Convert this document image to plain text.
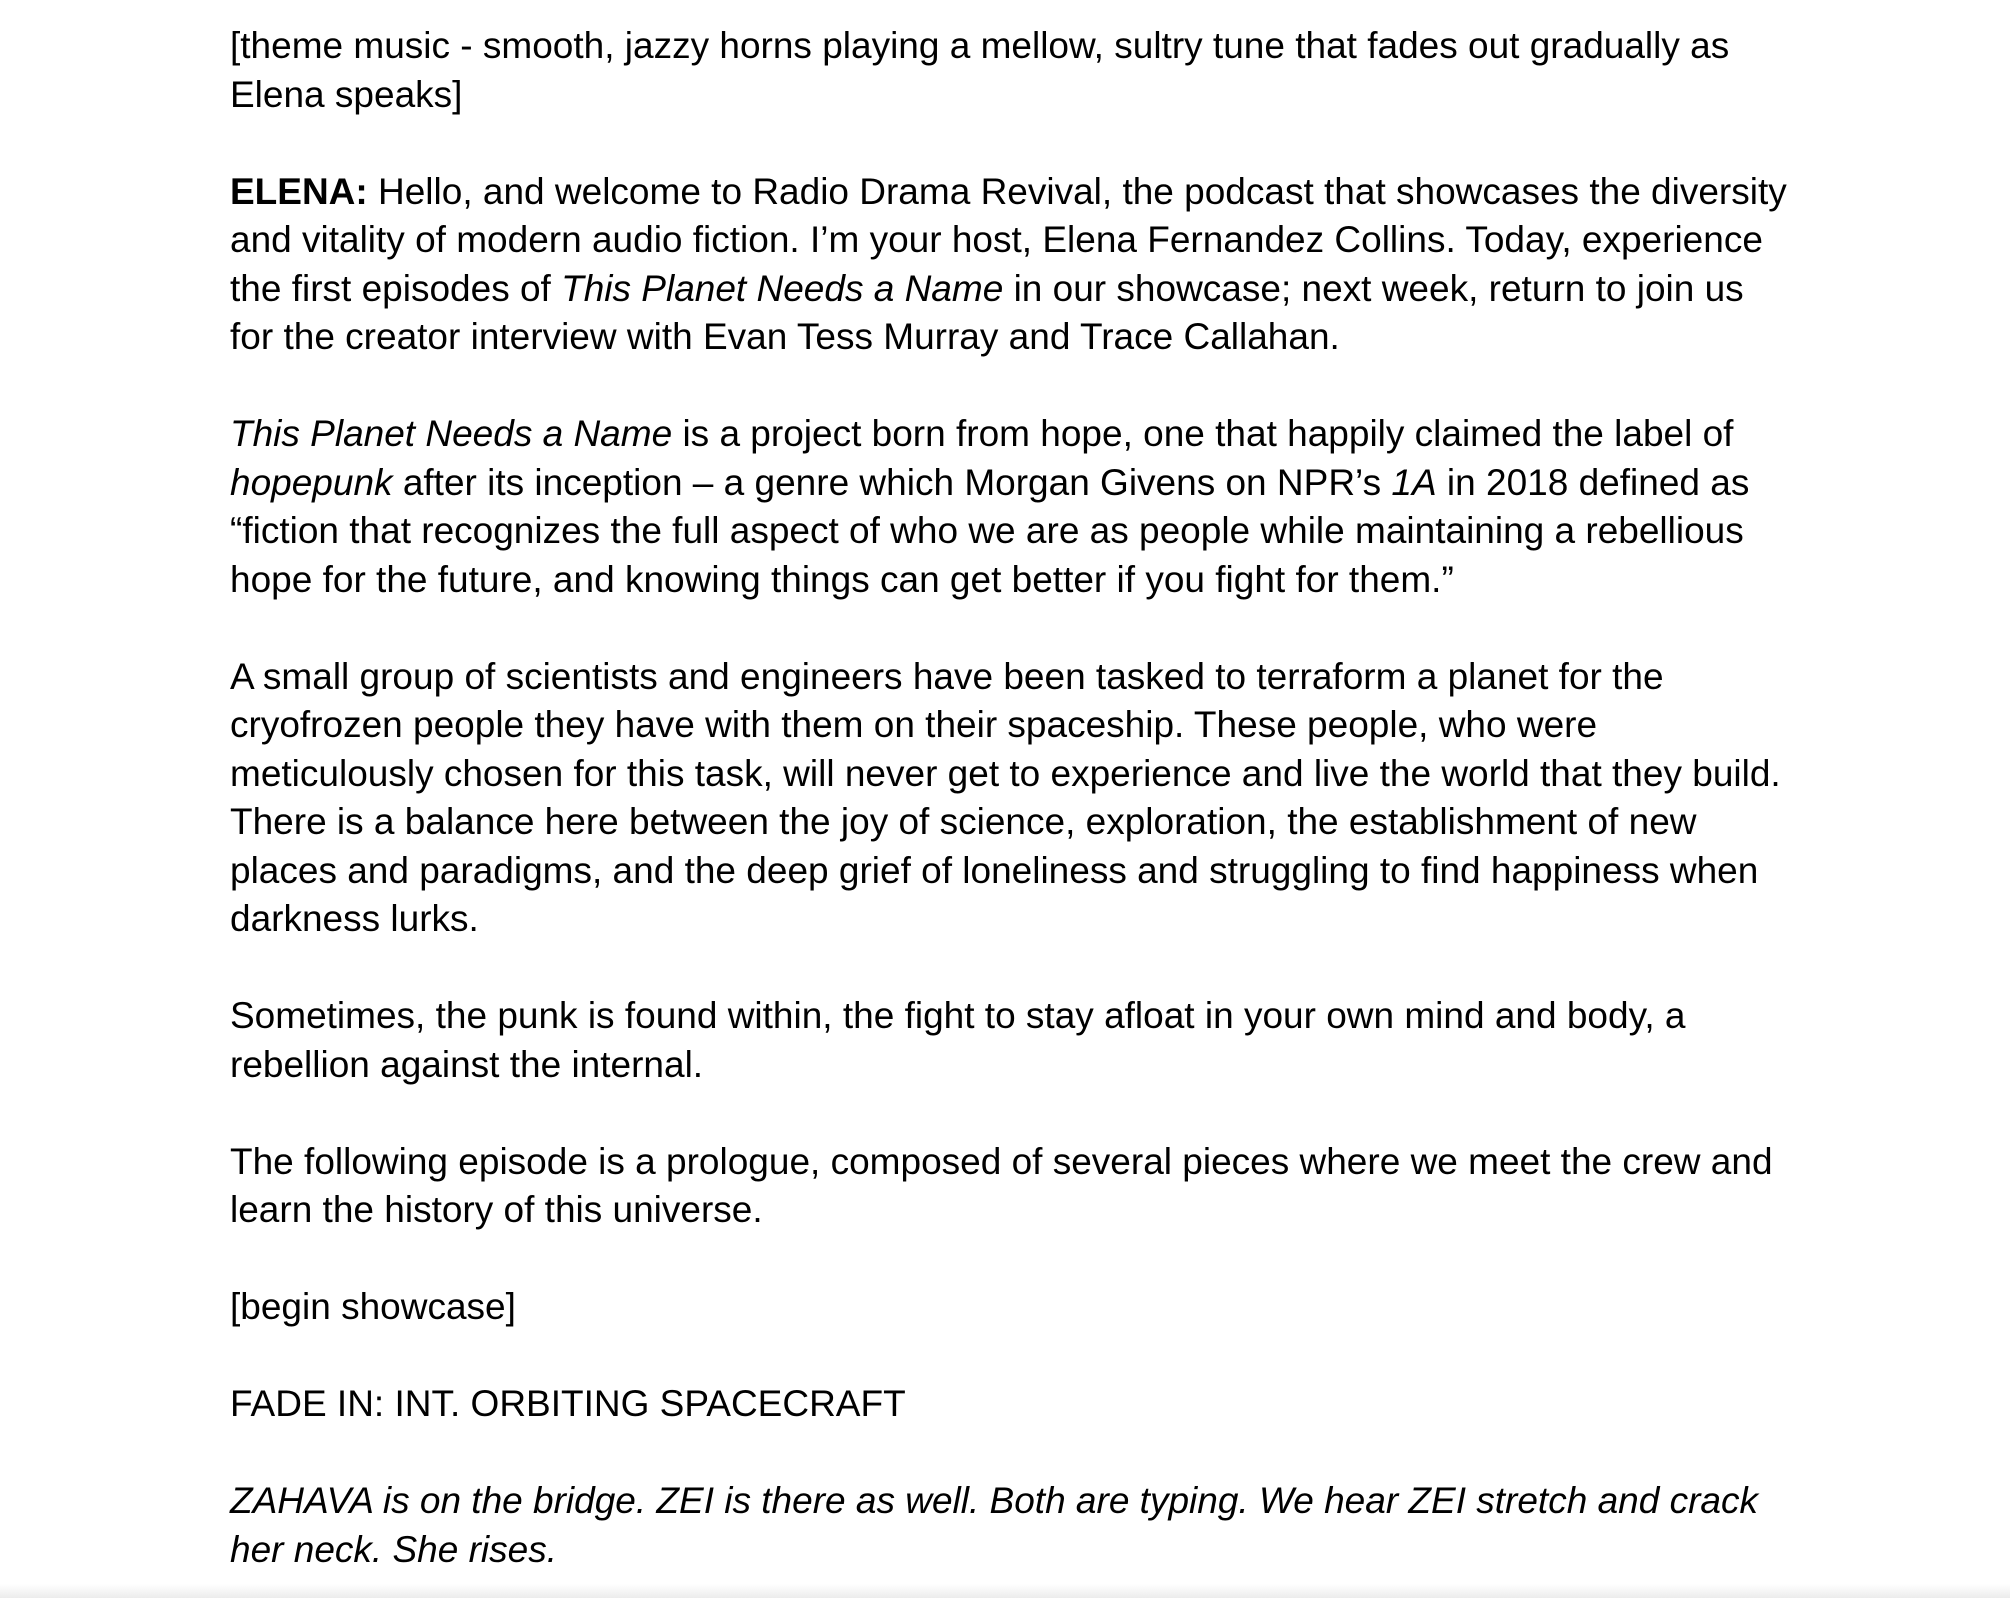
[theme music - smooth, jazzy horns playing a mellow, sultry tune that fades out gradually as Elena speaks]

ELENA: Hello, and welcome to Radio Drama Revival, the podcast that showcases the diversity and vitality of modern audio fiction. I’m your host, Elena Fernandez Collins. Today, experience the first episodes of This Planet Needs a Name in our showcase; next week, return to join us for the creator interview with Evan Tess Murray and Trace Callahan.

This Planet Needs a Name is a project born from hope, one that happily claimed the label of hopepunk after its inception – a genre which Morgan Givens on NPR’s 1A in 2018 defined as “fiction that recognizes the full aspect of who we are as people while maintaining a rebellious hope for the future, and knowing things can get better if you fight for them.”

A small group of scientists and engineers have been tasked to terraform a planet for the cryofrozen people they have with them on their spaceship. These people, who were meticulously chosen for this task, will never get to experience and live the world that they build. There is a balance here between the joy of science, exploration, the establishment of new places and paradigms, and the deep grief of loneliness and struggling to find happiness when darkness lurks.

Sometimes, the punk is found within, the fight to stay afloat in your own mind and body, a rebellion against the internal.

The following episode is a prologue, composed of several pieces where we meet the crew and learn the history of this universe.

[begin showcase]

FADE IN: INT. ORBITING SPACECRAFT

ZAHAVA is on the bridge. ZEI is there as well. Both are typing. We hear ZEI stretch and crack her neck. She rises.
